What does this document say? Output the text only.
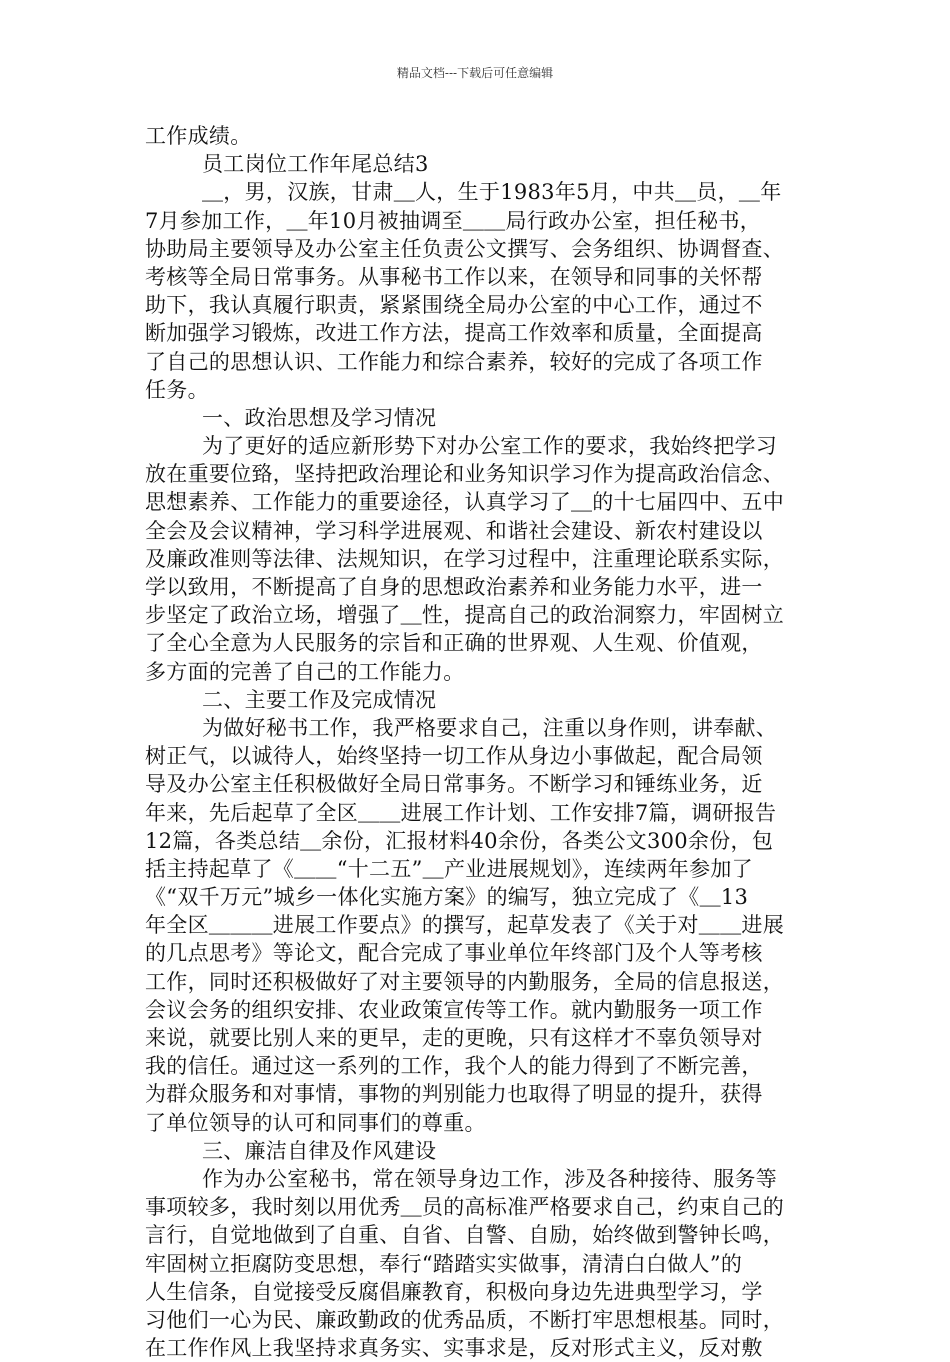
精品文档---下载后可任意编辑
工作成绩。
员工岗位工作年尾总结3
＿，男，汉族，甘肃＿人，生于1983年5月，中共＿员，＿年
7月参加工作，＿年10月被抽调至＿＿局行政办公室，担任秘书，
协助局主要领导及办公室主任负责公文撰写、会务组织、协调督查、
考核等全局日常事务。从事秘书工作以来，在领导和同事的关怀帮
助下，我认真履行职责，紧紧围绕全局办公室的中心工作，通过不
断加强学习锻炼，改进工作方法，提高工作效率和质量，全面提高
了自己的思想认识、工作能力和综合素养，较好的完成了各项工作
任务。
一、政治思想及学习情况
为了更好的适应新形势下对办公室工作的要求，我始终把学习
放在重要位臵，坚持把政治理论和业务知识学习作为提高政治信念、
思想素养、工作能力的重要途径，认真学习了＿的十七届四中、五中
全会及会议精神，学习科学进展观、和谐社会建设、新农村建设以
及廉政准则等法律、法规知识，在学习过程中，注重理论联系实际，
学以致用，不断提高了自身的思想政治素养和业务能力水平，进一
步坚定了政治立场，增强了＿性，提高自己的政治洞察力，牢固树立
了全心全意为人民服务的宗旨和正确的世界观、人生观、价值观，
多方面的完善了自己的工作能力。
二、主要工作及完成情况
为做好秘书工作，我严格要求自己，注重以身作则，讲奉献、
树正气，以诚待人，始终坚持一切工作从身边小事做起，配合局领
导及办公室主任积极做好全局日常事务。不断学习和锤练业务，近
年来，先后起草了全区＿＿进展工作计划、工作安排7篇，调研报告
12篇，各类总结＿余份，汇报材料40余份，各类公文300余份，包
括主持起草了《＿＿“十二五”＿产业进展规划》，连续两年参加了
《“双千万元”城乡一体化实施方案》的编写，独立完成了《＿13
年全区＿＿＿进展工作要点》的撰写，起草发表了《关于对＿＿进展
的几点思考》等论文，配合完成了事业单位年终部门及个人等考核
工作，同时还积极做好了对主要领导的内勤服务，全局的信息报送，
会议会务的组织安排、农业政策宣传等工作。就内勤服务一项工作
来说，就要比别人来的更早，走的更晚，只有这样才不辜负领导对
我的信任。通过这一系列的工作，我个人的能力得到了不断完善，
为群众服务和对事情，事物的判别能力也取得了明显的提升，获得
了单位领导的认可和同事们的尊重。
三、廉洁自律及作风建设
作为办公室秘书，常在领导身边工作，涉及各种接待、服务等
事项较多，我时刻以用优秀＿员的高标准严格要求自己，约束自己的
言行，自觉地做到了自重、自省、自警、自励，始终做到警钟长鸣，
牢固树立拒腐防变思想，奉行“踏踏实实做事，清清白白做人”的
人生信条，自觉接受反腐倡廉教育，积极向身边先进典型学习，学
习他们一心为民、廉政勤政的优秀品质，不断打牢思想根基。同时，
在工作作风上我坚持求真务实、实事求是，反对形式主义，反对敷
